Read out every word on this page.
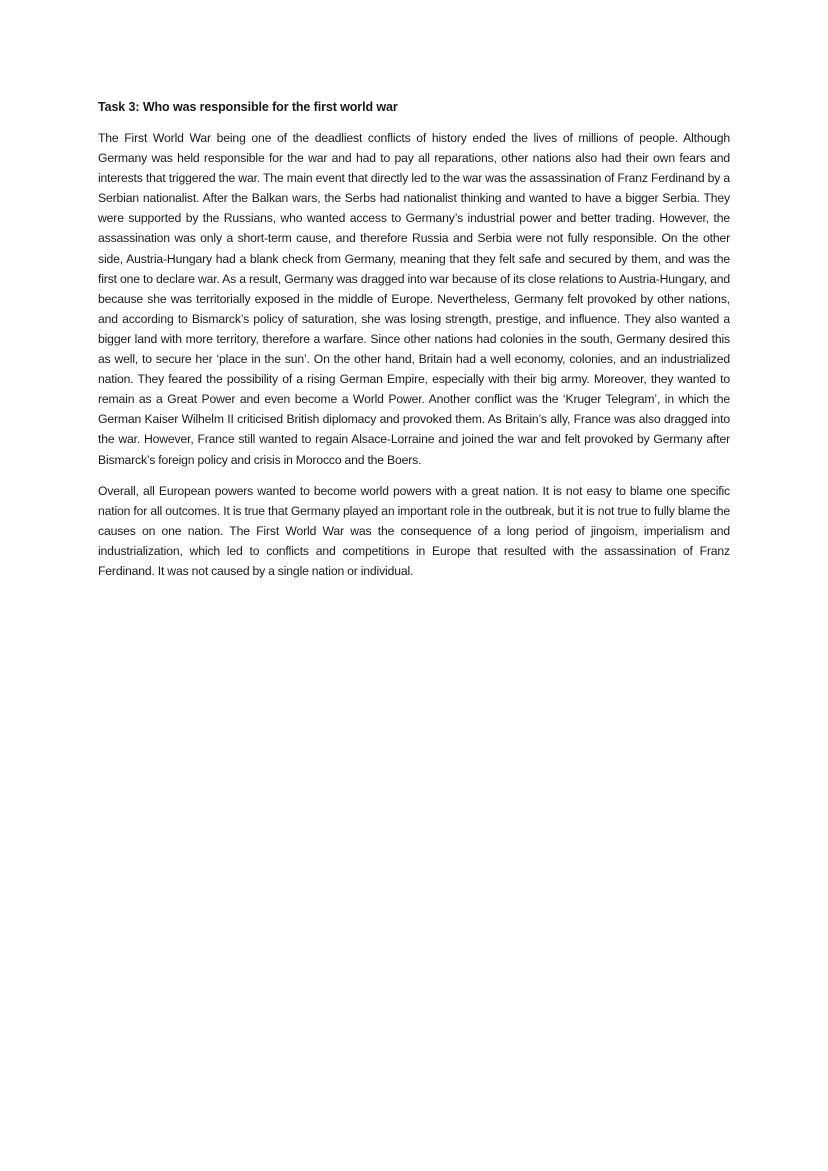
Task 3: Who was responsible for the first world war

The First World War being one of the deadliest conflicts of history ended the lives of millions of people. Although Germany was held responsible for the war and had to pay all reparations, other nations also had their own fears and interests that triggered the war. The main event that directly led to the war was the assassination of Franz Ferdinand by a Serbian nationalist. After the Balkan wars, the Serbs had nationalist thinking and wanted to have a bigger Serbia. They were supported by the Russians, who wanted access to Germany’s industrial power and better trading. However, the assassination was only a short-term cause, and therefore Russia and Serbia were not fully responsible. On the other side, Austria-Hungary had a blank check from Germany, meaning that they felt safe and secured by them, and was the first one to declare war. As a result, Germany was dragged into war because of its close relations to Austria-Hungary, and because she was territorially exposed in the middle of Europe. Nevertheless, Germany felt provoked by other nations, and according to Bismarck’s policy of saturation, she was losing strength, prestige, and influence. They also wanted a bigger land with more territory, therefore a warfare. Since other nations had colonies in the south, Germany desired this as well, to secure her ‘place in the sun’. On the other hand, Britain had a well economy, colonies, and an industrialized nation. They feared the possibility of a rising German Empire, especially with their big army. Moreover, they wanted to remain as a Great Power and even become a World Power. Another conflict was the ‘Kruger Telegram’, in which the German Kaiser Wilhelm II criticised British diplomacy and provoked them. As Britain’s ally, France was also dragged into the war. However, France still wanted to regain Alsace-Lorraine and joined the war and felt provoked by Germany after Bismarck’s foreign policy and crisis in Morocco and the Boers.

Overall, all European powers wanted to become world powers with a great nation. It is not easy to blame one specific nation for all outcomes. It is true that Germany played an important role in the outbreak, but it is not true to fully blame the causes on one nation. The First World War was the consequence of a long period of jingoism, imperialism and industrialization, which led to conflicts and competitions in Europe that resulted with the assassination of Franz Ferdinand. It was not caused by a single nation or individual.
